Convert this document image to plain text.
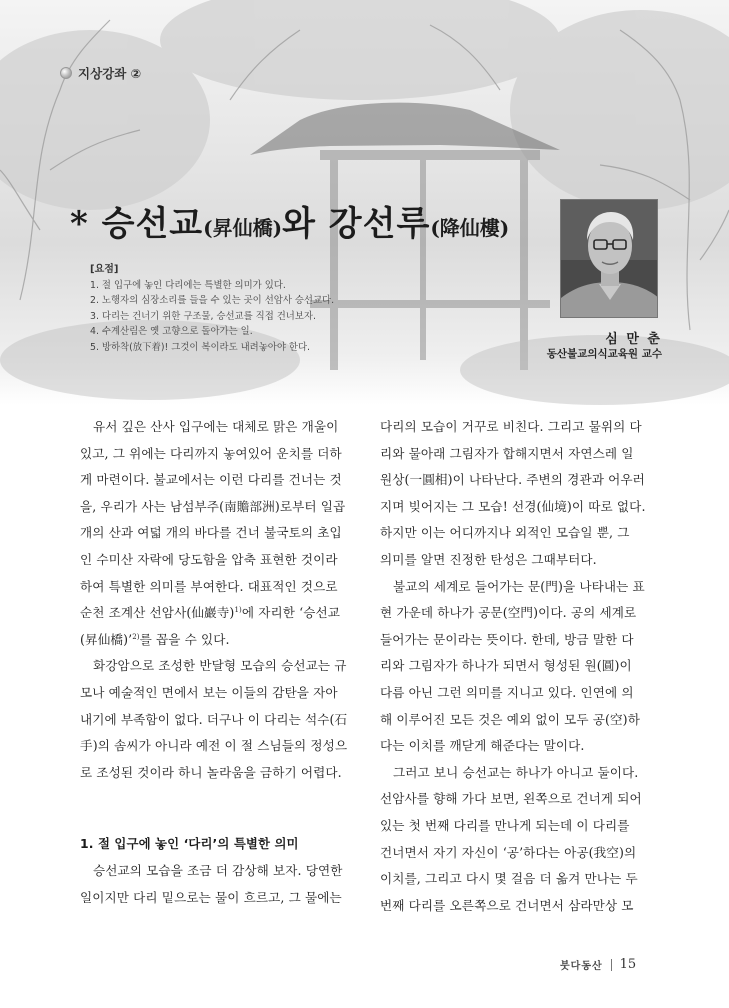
지상강좌 ②
* 승선교(昇仙橋)와 강선루(降仙樓)
[요점]
1. 절 입구에 놓인 다리에는 특별한 의미가 있다.
2. 노행자의 심장소리를 들을 수 있는 곳이 선암사 승선교다.
3. 다리는 건너기 위한 구조물, 승선교를 직접 건너보자.
4. 수계산림은 옛 고향으로 돌아가는 일.
5. 방하착(放下着)! 그것이 복이라도 내려놓아야 한다.
심 만 춘
동산불교의식교육원 교수
유서 깊은 산사 입구에는 대체로 맑은 개울이
있고, 그 위에는 다리까지 놓여있어 운치를 더하
게 마련이다. 불교에서는 이런 다리를 건너는 것
을, 우리가 사는 남섬부주(南贍部洲)로부터 일곱
개의 산과 여덟 개의 바다를 건너 불국토의 초입
인 수미산 자락에 당도함을 압축 표현한 것이라
하여 특별한 의미를 부여한다. 대표적인 것으로
순천 조계산 선암사(仙巖寺)$^{1)}$에 자리한 ‘승선교
(昇仙橋)’$^{2)}$를 꼽을 수 있다.
화강암으로 조성한 반달형 모습의 승선교는 규
모나 예술적인 면에서 보는 이들의 감탄을 자아
내기에 부족함이 없다. 더구나 이 다리는 석수(石
手)의 솜씨가 아니라 예전 이 절 스님들의 정성으
로 조성된 것이라 하니 놀라움을 금하기 어렵다.
1. 절 입구에 놓인 ‘다리’의 특별한 의미
승선교의 모습을 조금 더 감상해 보자. 당연한
일이지만 다리 밑으로는 물이 흐르고, 그 물에는
다리의 모습이 거꾸로 비친다. 그리고 물위의 다
리와 물아래 그림자가 합해지면서 자연스레 일
원상(一圓相)이 나타난다. 주변의 경관과 어우러
지며 빚어지는 그 모습! 선경(仙境)이 따로 없다.
하지만 이는 어디까지나 외적인 모습일 뿐, 그
의미를 알면 진정한 탄성은 그때부터다.
불교의 세계로 들어가는 문(門)을 나타내는 표
현 가운데 하나가 공문(空門)이다. 공의 세계로
들어가는 문이라는 뜻이다. 한데, 방금 말한 다
리와 그림자가 하나가 되면서 형성된 원(圓)이
다름 아닌 그런 의미를 지니고 있다. 인연에 의
해 이루어진 모든 것은 예외 없이 모두 공(空)하
다는 이치를 깨닫게 해준다는 말이다.
그러고 보니 승선교는 하나가 아니고 둘이다.
선암사를 향해 가다 보면, 왼쪽으로 건너게 되어
있는 첫 번째 다리를 만나게 되는데 이 다리를
건너면서 자기 자신이 ‘공’하다는 아공(我空)의
이치를, 그리고 다시 몇 걸음 더 옮겨 만나는 두
번째 다리를 오른쪽으로 건너면서 삼라만상 모
붓다동산 15
